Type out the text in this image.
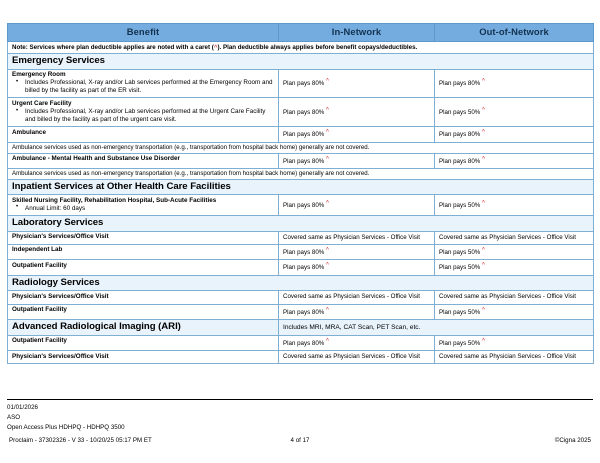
Benefit	In-Network	Out-of-Network
Note: Services where plan deductible applies are noted with a caret (^). Plan deductible always applies before benefit copays/deductibles.		
Emergency Services		

Emergency Room
• Includes Professional, X-ray and/or Lab services performed at the Emergency Room and billed by the facility as part of the ER visit.	Plan pays 80% ^	Plan pays 80% ^

Urgent Care Facility
• Includes Professional, X-ray and/or Lab services performed at the Urgent Care Facility and billed by the facility as part of the urgent care visit.	Plan pays 80% ^	Plan pays 50% ^

Ambulance	Plan pays 80% ^	Plan pays 80% ^
Ambulance services used as non-emergency transportation (e.g., transportation from hospital back home) generally are not covered.		

Ambulance - Mental Health and Substance Use Disorder	Plan pays 80% ^	Plan pays 80% ^
Ambulance services used as non-emergency transportation (e.g., transportation from hospital back home) generally are not covered.		
Inpatient Services at Other Health Care Facilities		

Skilled Nursing Facility, Rehabilitation Hospital, Sub-Acute Facilities
• Annual Limit: 60 days	Plan pays 80% ^	Plan pays 50% ^
Laboratory Services		

Physician's Services/Office Visit	Covered same as Physician Services - Office Visit	Covered same as Physician Services - Office Visit

Independent Lab	Plan pays 80% ^	Plan pays 50% ^

Outpatient Facility	Plan pays 80% ^	Plan pays 50% ^
Radiology Services		

Physician's Services/Office Visit	Covered same as Physician Services - Office Visit	Covered same as Physician Services - Office Visit

Outpatient Facility	Plan pays 80% ^	Plan pays 50% ^
Advanced Radiological Imaging (ARI)	Includes MRI, MRA, CAT Scan, PET Scan, etc.	

Outpatient Facility	Plan pays 80% ^	Plan pays 50% ^

Physician's Services/Office Visit	Covered same as Physician Services - Office Visit	Covered same as Physician Services - Office Visit
01/01/2026
ASO
Open Access Plus HDHPQ - HDHPQ 3500
Proclaim - 37302326 - V 33 - 10/20/25 05:17 PM ET	4 of 17	©Cigna 2025
